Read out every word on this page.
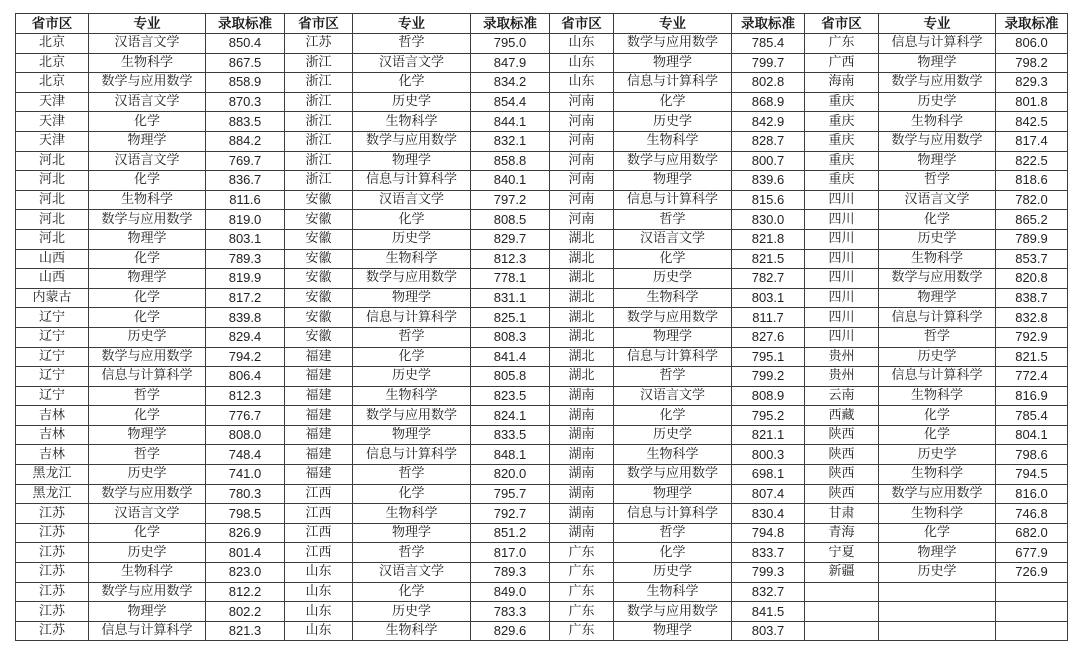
省市区	专业	录取标准	省市区	专业	录取标准	省市区	专业	录取标准	省市区	专业	录取标准
北京	汉语言文学	850.4	江苏	哲学	795.0	山东	数学与应用数学	785.4	广东	信息与计算科学	806.0
北京	生物科学	867.5	浙江	汉语言文学	847.9	山东	物理学	799.7	广西	物理学	798.2
北京	数学与应用数学	858.9	浙江	化学	834.2	山东	信息与计算科学	802.8	海南	数学与应用数学	829.3
天津	汉语言文学	870.3	浙江	历史学	854.4	河南	化学	868.9	重庆	历史学	801.8
天津	化学	883.5	浙江	生物科学	844.1	河南	历史学	842.9	重庆	生物科学	842.5
天津	物理学	884.2	浙江	数学与应用数学	832.1	河南	生物科学	828.7	重庆	数学与应用数学	817.4
河北	汉语言文学	769.7	浙江	物理学	858.8	河南	数学与应用数学	800.7	重庆	物理学	822.5
河北	化学	836.7	浙江	信息与计算科学	840.1	河南	物理学	839.6	重庆	哲学	818.6
河北	生物科学	811.6	安徽	汉语言文学	797.2	河南	信息与计算科学	815.6	四川	汉语言文学	782.0
河北	数学与应用数学	819.0	安徽	化学	808.5	河南	哲学	830.0	四川	化学	865.2
河北	物理学	803.1	安徽	历史学	829.7	湖北	汉语言文学	821.8	四川	历史学	789.9
山西	化学	789.3	安徽	生物科学	812.3	湖北	化学	821.5	四川	生物科学	853.7
山西	物理学	819.9	安徽	数学与应用数学	778.1	湖北	历史学	782.7	四川	数学与应用数学	820.8
内蒙古	化学	817.2	安徽	物理学	831.1	湖北	生物科学	803.1	四川	物理学	838.7
辽宁	化学	839.8	安徽	信息与计算科学	825.1	湖北	数学与应用数学	811.7	四川	信息与计算科学	832.8
辽宁	历史学	829.4	安徽	哲学	808.3	湖北	物理学	827.6	四川	哲学	792.9
辽宁	数学与应用数学	794.2	福建	化学	841.4	湖北	信息与计算科学	795.1	贵州	历史学	821.5
辽宁	信息与计算科学	806.4	福建	历史学	805.8	湖北	哲学	799.2	贵州	信息与计算科学	772.4
辽宁	哲学	812.3	福建	生物科学	823.5	湖南	汉语言文学	808.9	云南	生物科学	816.9
吉林	化学	776.7	福建	数学与应用数学	824.1	湖南	化学	795.2	西藏	化学	785.4
吉林	物理学	808.0	福建	物理学	833.5	湖南	历史学	821.1	陕西	化学	804.1
吉林	哲学	748.4	福建	信息与计算科学	848.1	湖南	生物科学	800.3	陕西	历史学	798.6
黑龙江	历史学	741.0	福建	哲学	820.0	湖南	数学与应用数学	698.1	陕西	生物科学	794.5
黑龙江	数学与应用数学	780.3	江西	化学	795.7	湖南	物理学	807.4	陕西	数学与应用数学	816.0
江苏	汉语言文学	798.5	江西	生物科学	792.7	湖南	信息与计算科学	830.4	甘肃	生物科学	746.8
江苏	化学	826.9	江西	物理学	851.2	湖南	哲学	794.8	青海	化学	682.0
江苏	历史学	801.4	江西	哲学	817.0	广东	化学	833.7	宁夏	物理学	677.9
江苏	生物科学	823.0	山东	汉语言文学	789.3	广东	历史学	799.3	新疆	历史学	726.9
江苏	数学与应用数学	812.2	山东	化学	849.0	广东	生物科学	832.7			
江苏	物理学	802.2	山东	历史学	783.3	广东	数学与应用数学	841.5			
江苏	信息与计算科学	821.3	山东	生物科学	829.6	广东	物理学	803.7			
